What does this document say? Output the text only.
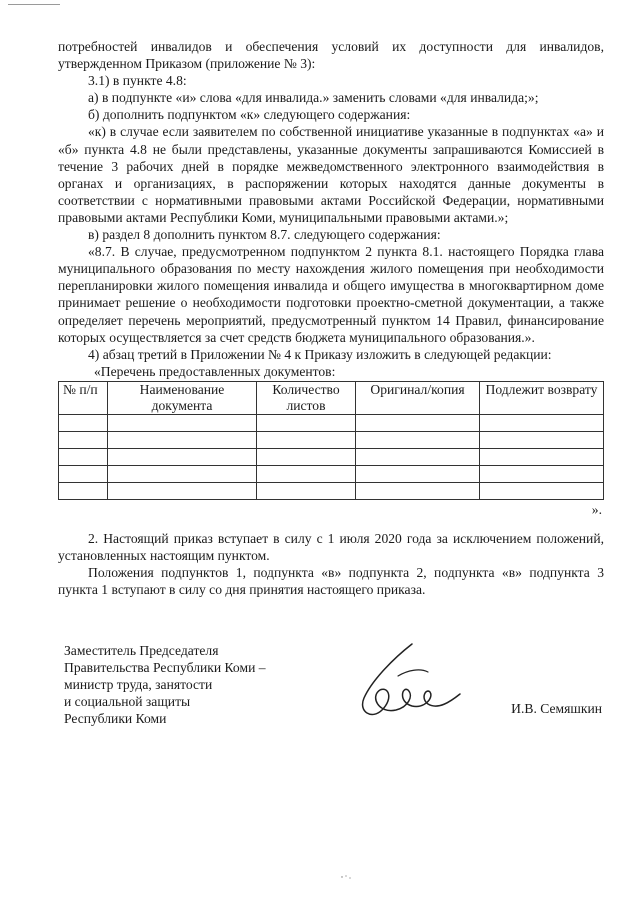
потребностей инвалидов и обеспечения условий их доступности для инвалидов, утвержденном Приказом (приложение № 3):

3.1) в пункте 4.8:

а) в подпункте «и» слова «для инвалида.» заменить словами «для инвалида;»;

б) дополнить подпунктом «к» следующего содержания:

«к) в случае если заявителем по собственной инициативе указанные в подпунктах «а» и «б» пункта 4.8 не были представлены, указанные документы запрашиваются Комиссией в течение 3 рабочих дней в порядке межведомственного электронного взаимодействия в органах и организациях, в распоряжении которых находятся данные документы в соответствии с нормативными правовыми актами Российской Федерации, нормативными правовыми актами Республики Коми, муниципальными правовыми актами.»;

в) раздел 8 дополнить пунктом 8.7. следующего содержания:

«8.7. В случае, предусмотренном подпунктом 2 пункта 8.1. настоящего Порядка глава муниципального образования по месту нахождения жилого помещения при необходимости перепланировки жилого помещения инвалида и общего имущества в многоквартирном доме принимает решение о необходимости подготовки проектно-сметной документации, а также определяет перечень мероприятий, предусмотренный пунктом 14 Правил, финансирование которых осуществляется за счет средств бюджета муниципального образования.».

4) абзац третий в Приложении № 4 к Приказу изложить в следующей редакции:

«Перечень предоставленных документов:

№ п/п	Наименование документа	Количество листов	Оригинал/копия	Подлежит возврату

».

2. Настоящий приказ вступает в силу с 1 июля 2020 года за исключением положений, установленных настоящим пунктом.

Положения подпунктов 1, подпункта «в» подпункта 2, подпункта «в» подпункта 3 пункта 1 вступают в силу со дня принятия настоящего приказа.

Заместитель Председателя
Правительства Республики Коми –
министр труда, занятости
и социальной защиты
Республики Коми
И.В. Семяшкин
